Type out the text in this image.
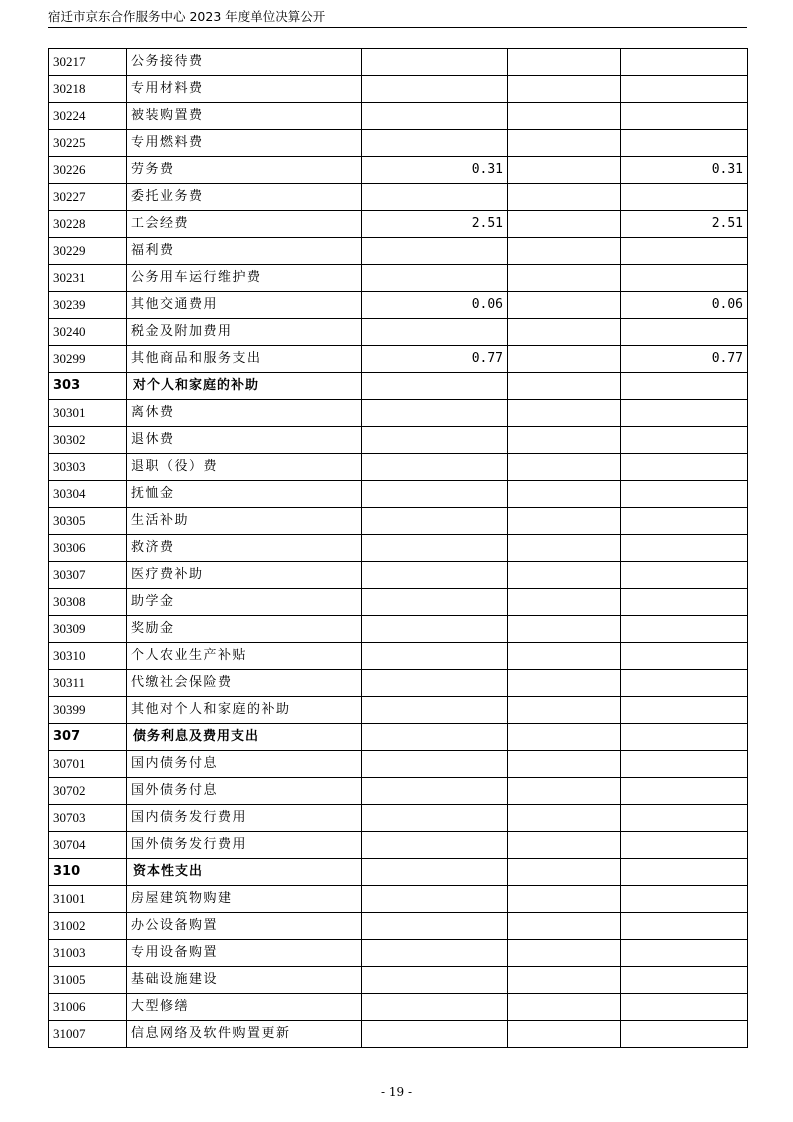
宿迁市京东合作服务中心 2023 年度单位决算公开
30217	公务接待费			
30218	专用材料费			
30224	被装购置费			
30225	专用燃料费			
30226	劳务费	0.31		0.31
30227	委托业务费			
30228	工会经费	2.51		2.51
30229	福利费			
30231	公务用车运行维护费			
30239	其他交通费用	0.06		0.06
30240	税金及附加费用			
30299	其他商品和服务支出	0.77		0.77
303	对个人和家庭的补助			
30301	离休费			
30302	退休费			
30303	退职（役）费			
30304	抚恤金			
30305	生活补助			
30306	救济费			
30307	医疗费补助			
30308	助学金			
30309	奖励金			
30310	个人农业生产补贴			
30311	代缴社会保险费			
30399	其他对个人和家庭的补助			
307	债务利息及费用支出			
30701	国内债务付息			
30702	国外债务付息			
30703	国内债务发行费用			
30704	国外债务发行费用			
310	资本性支出			
31001	房屋建筑物购建			
31002	办公设备购置			
31003	专用设备购置			
31005	基础设施建设			
31006	大型修缮			
31007	信息网络及软件购置更新			
- 19 -
